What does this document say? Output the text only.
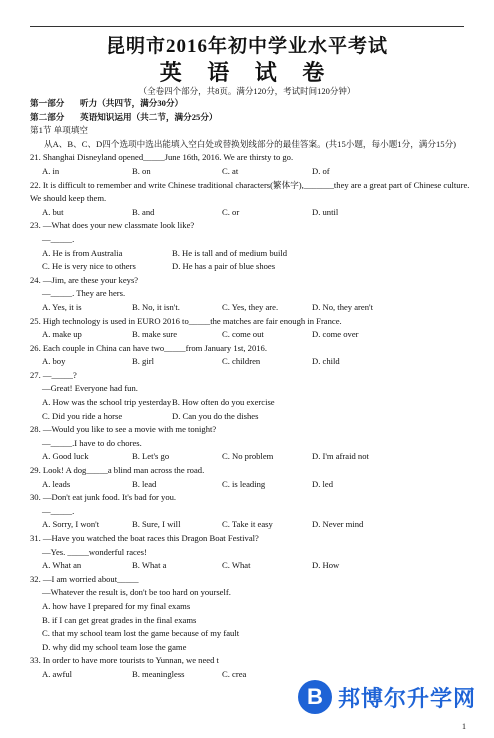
昆明市2016年初中学业水平考试
英 语 试 卷
（全卷四个部分，共8页。满分120分，考试时间120分钟）
第一部分 听力（共四节，满分30分）
第二部分 英语知识运用（共二节，满分25分）
第1节 单项填空
从A、B、C、D四个选项中选出能填入空白处或替换划线部分的最佳答案。(共15小题，每小题1分，满分15分)
21. Shanghai Disneyland opened_____June 16th, 2016. We are thirsty to go.
A. in	B. on	C. at	D. of
22. It is difficult to remember and write Chinese traditional characters(繁体字),_______they are a great part of Chinese culture. We should keep them.
A. but	B. and	C. or	D. until
23. —What does your new classmate look like?
—_____.
A. He is from Australia	B. He is tall and of medium build
C. He is very nice to others	D. He has a pair of blue shoes
24. —Jim, are these your keys?
—_____. They are hers.
A. Yes, it is	B. No, it isn't.	C. Yes, they are.	D. No, they aren't
25. High technology is used in EURO 2016 to_____the matches are fair enough in France.
A. make up	B. make sure	C. come out	D. come over
26. Each couple in China can have two_____from January 1st, 2016.
A. boy	B. girl	C. children	D. child
27. —_____?
—Great! Everyone had fun.
A. How was the school trip yesterday B. How often do you exercise
C. Did you ride a horse	D. Can you do the dishes
28. —Would you like to see a movie with me tonight?
—_____.I have to do chores.
A. Good luck	B. Let's go	C. No problem	D. I'm afraid not
29. Look! A dog_____a blind man across the road.
A. leads	B. lead	C. is leading	D. led
30. —Don't eat junk food. It's bad for you.
—_____.
A. Sorry, I won't	B. Sure, I will	C. Take it easy	D. Never mind
31. —Have you watched the boat races this Dragon Boat Festival?
—Yes. _____wonderful races!
A. What an	B. What a	C. What	D. How
32. —I am worried about_____
—Whatever the result is, don't be too hard on yourself.
A. how have I prepared for my final exams
B. if I can get great grades in the final exams
C. that my school team lost the game because of my fault
D. why did my school team lose the game
33. In order to have more tourists to Yunnan, we need t
A. awful	B. meaningless	C. crea
B 邦博尔升学网
1
